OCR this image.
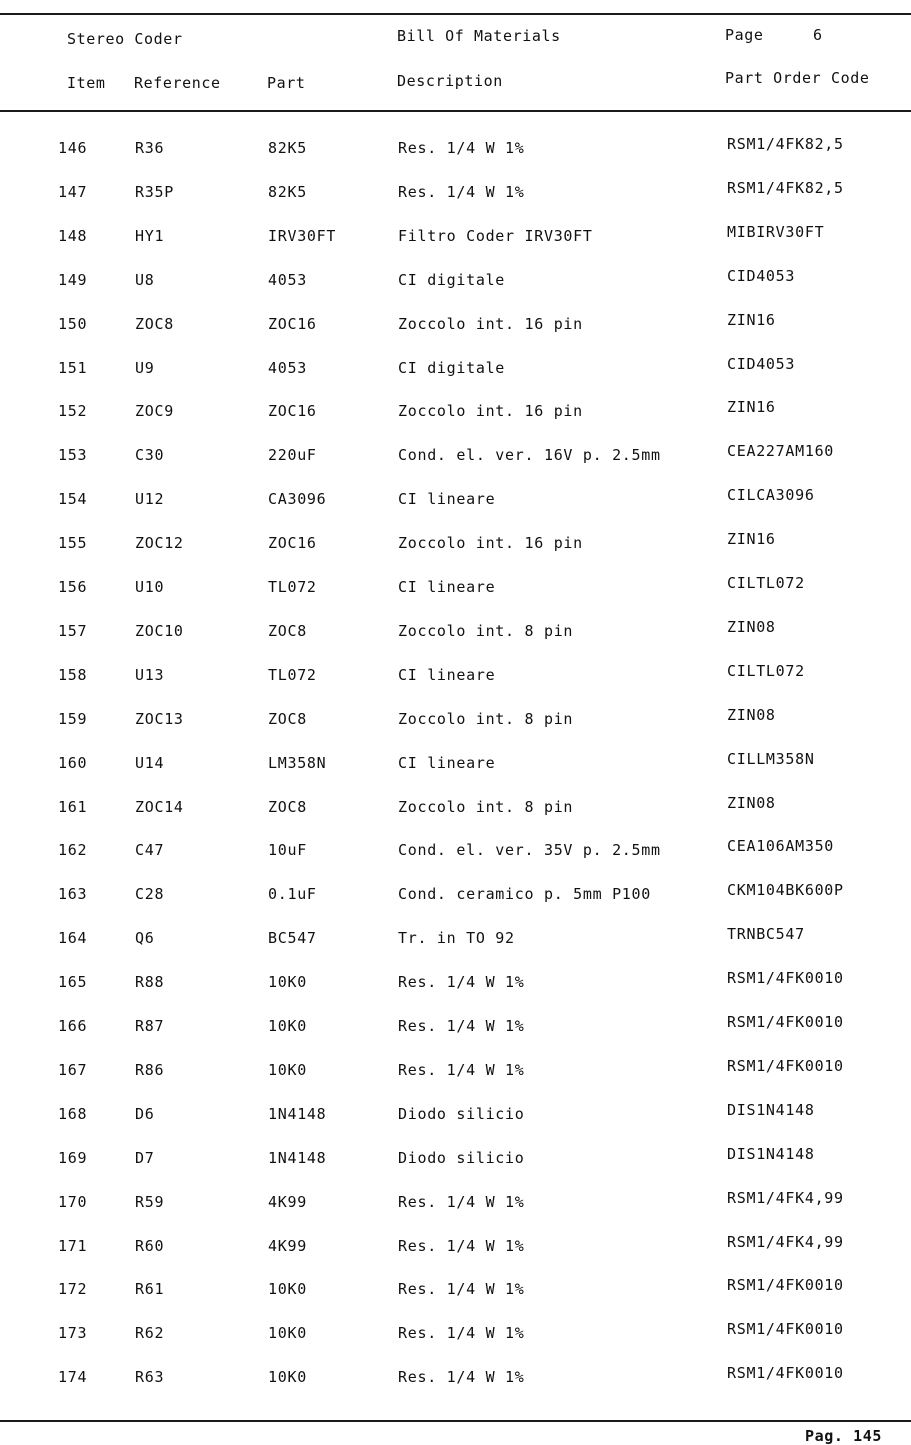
Stereo Coder	Bill Of Materials	Page	6
Item Reference	Part	Description	Part Order Code
146	R36	82K5	Res. 1/4 W 1%	RSM1/4FK82,5
147	R35P	82K5	Res. 1/4 W 1%	RSM1/4FK82,5
148	HY1	IRV30FT	Filtro Coder IRV30FT	MIBIRV30FT
149	U8	4053	CI digitale	CID4053
150	ZOC8	ZOC16	Zoccolo int. 16 pin	ZIN16
151	U9	4053	CI digitale	CID4053
152	ZOC9	ZOC16	Zoccolo int. 16 pin	ZIN16
153	C30	220uF	Cond. el. ver. 16V p. 2.5mm	CEA227AM160
154	U12	CA3096	CI lineare	CILCA3096
155	ZOC12	ZOC16	Zoccolo int. 16 pin	ZIN16
156	U10	TL072	CI lineare	CILTL072
157	ZOC10	ZOC8	Zoccolo int. 8 pin	ZIN08
158	U13	TL072	CI lineare	CILTL072
159	ZOC13	ZOC8	Zoccolo int. 8 pin	ZIN08
160	U14	LM358N	CI lineare	CILLM358N
161	ZOC14	ZOC8	Zoccolo int. 8 pin	ZIN08
162	C47	10uF	Cond. el. ver. 35V p. 2.5mm	CEA106AM350
163	C28	0.1uF	Cond. ceramico p. 5mm P100	CKM104BK600P
164	Q6	BC547	Tr. in TO 92	TRNBC547
165	R88	10K0	Res. 1/4 W 1%	RSM1/4FK0010
166	R87	10K0	Res. 1/4 W 1%	RSM1/4FK0010
167	R86	10K0	Res. 1/4 W 1%	RSM1/4FK0010
168	D6	1N4148	Diodo silicio	DIS1N4148
169	D7	1N4148	Diodo silicio	DIS1N4148
170	R59	4K99	Res. 1/4 W 1%	RSM1/4FK4,99
171	R60	4K99	Res. 1/4 W 1%	RSM1/4FK4,99
172	R61	10K0	Res. 1/4 W 1%	RSM1/4FK0010
173	R62	10K0	Res. 1/4 W 1%	RSM1/4FK0010
174	R63	10K0	Res. 1/4 W 1%	RSM1/4FK0010
Pag. 145
